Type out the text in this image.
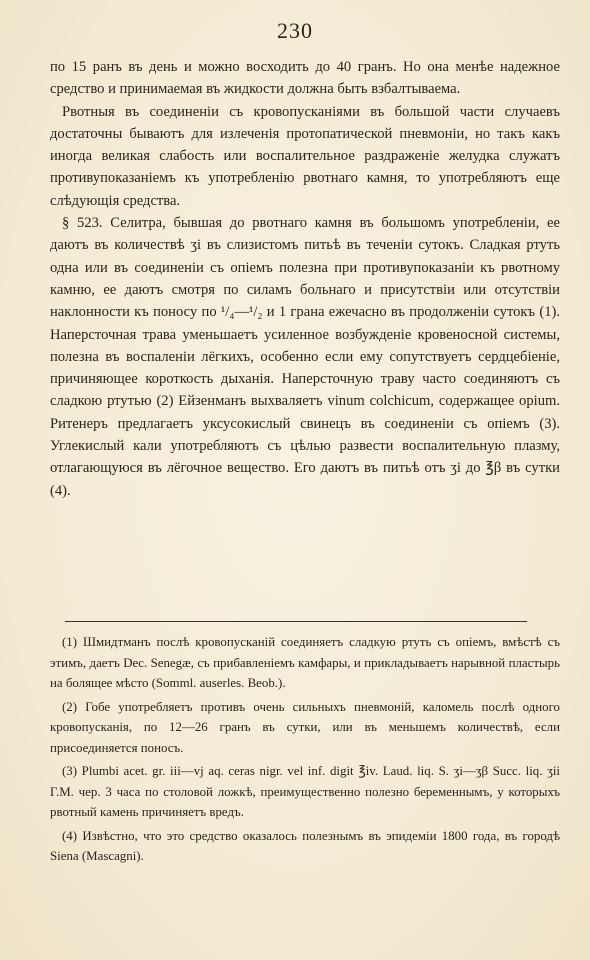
230

по 15 ранъ въ день и можно восходить до 40 гранъ. Но она менѣе надежное средство и принимаемая въ жидкости должна быть взбалтываема.

Рвотныя въ соединеніи съ кровопусканіями въ большой части случаевъ достаточны бываютъ для излеченія протопатической пневмоніи, но такъ какъ иногда великая слабость или воспалительное раздраженіе желудка служатъ противупоказаніемъ къ употребленію рвотнаго камня, то употребляютъ еще слѣдующія средства.

§ 523. Селитра, бывшая до рвотнаго камня въ большомъ употребленіи, ее даютъ въ количествѣ ʒi въ слизистомъ питьѣ въ теченіи сутокъ. Сладкая ртуть одна или въ соединеніи съ опіемъ полезна при противупоказаніи къ рвотному камню, ее даютъ смотря по силамъ больнаго и присутствіи или отсутствіи наклонности къ поносу по ¹/₄—¹/₂ и 1 грана ежечасно въ продолженіи сутокъ (1). Наперсточная трава уменьшаетъ усиленное возбужденіе кровеносной системы, полезна въ воспаленіи лёгкихъ, особенно если ему сопутствуетъ сердцебіеніе, причиняющее короткость дыханія. Наперсточную траву часто соединяютъ съ сладкою ртутью (2) Ейзенманъ выхваляетъ vinum colchicum, содержащее opium. Ритенеръ предлагаетъ уксусокислый свинецъ въ соединеніи съ опіемъ (3). Углекислый кали употребляютъ съ цѣлью развести воспалительную плазму, отлагающуюся въ лёгочное вещество. Его даютъ въ питьѣ отъ ʒi до ℥β въ сутки (4).

(1) Шмидтманъ послѣ кровопусканій соединяетъ сладкую ртуть съ опіемъ, вмѣстѣ съ этимъ, даетъ Dec. Senegæ, съ прибавленіемъ камфары, и прикладываетъ нарывной пластырь на болящее мѣсто (Somml. auserles. Beob.).

(2) Гобе употребляетъ противъ очень сильныхъ пневмоній, каломель послѣ одного кровопусканія, по 12—26 гранъ въ сутки, или въ меньшемъ количествѣ, если присоединяется поносъ.

(3) Plumbi acet. gr. iii—vj aq. ceras nigr. vel inf. digit ℥iv. Laud. liq. S. ʒi—ʒβ Succ. liq. ʒii Г.М. чер. 3 часа по столовой ложкѣ, преимущественно полезно беременнымъ, у которыхъ рвотный камень причиняетъ вредъ.

(4) Извѣстно, что это средство оказалось полезнымъ въ эпидеміи 1800 года, въ городѣ Siena (Mascagni).
